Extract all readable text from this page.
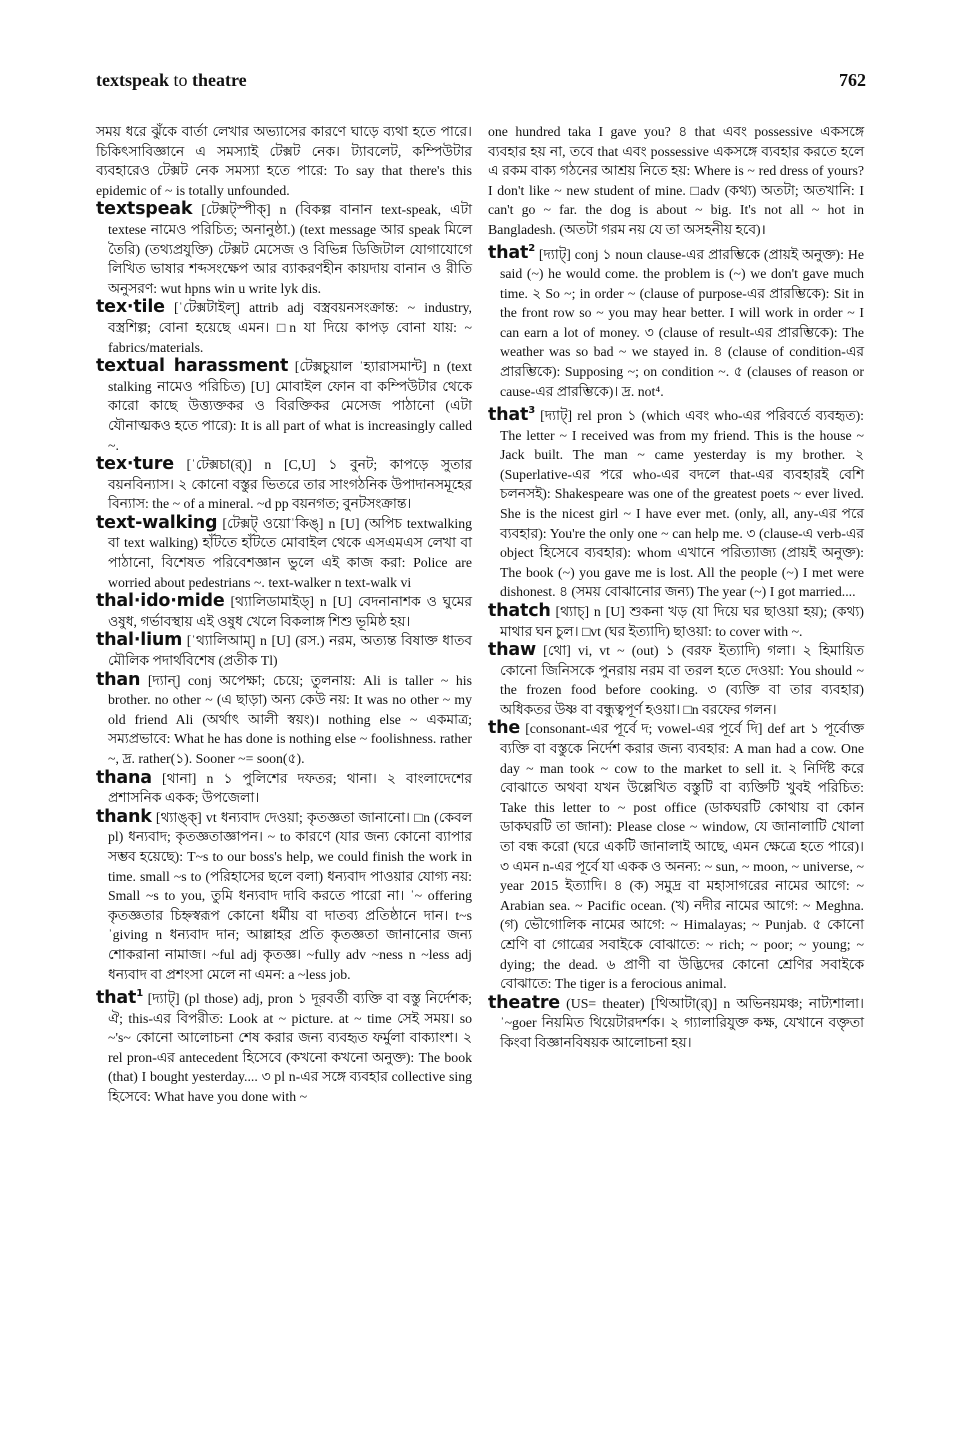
textspeak to theatre	762

সময় ধরে ঝুঁকে বার্তা লেখার অভ্যাসের কারণে ঘাড়ে ব্যথা হতে পারে। চিকিৎসাবিজ্ঞানে এ সমস্যাই টেক্সট নেক। ট্যাবলেট, কম্পিউটার ব্যবহারেও টেক্সট নেক সমস্যা হতে পারে: To say that there's this epidemic of ~ is totally unfounded.

textspeak [টেক্সট্‌স্পীক্] n (বিকল্প বানান text-speak, এটা textese নামেও পরিচিত; অনানুষ্ঠা.) (text message আর speak মিলে তৈরি) (তথ্যপ্রযুক্তি) টেক্সট মেসেজ ও বিভিন্ন ডিজিটাল যোগাযোগে লিখিত ভাষার শব্দসংক্ষেপ আর ব্যাকরণহীন কায়দায় বানান ও রীতি অনুসরণ: wut hpns win u write lyk dis.

tex·tile [ˈটেক্সটাইল্] attrib adj বস্ত্রবয়নসংক্রান্ত: ~ industry, বস্ত্রশিল্প; বোনা হয়েছে এমন। □n যা দিয়ে কাপড় বোনা যায়: ~ fabrics/materials.

textual harassment [টেক্সচুয়াল ˈহ্যারাসমান্ট] n (text stalking নামেও পরিচিত) [U] মোবাইল ফোন বা কম্পিউটার থেকে কারো কাছে উত্ত্যক্তকর ও বিরক্তিকর মেসেজ পাঠানো (এটা যৌনাত্মকও হতে পারে): It is all part of what is increasingly called ~.

tex·ture [ˈটেক্সচা(র্)] n [C,U] ১ বুনট; কাপড়ে সুতার বয়নবিন্যাস। ২ কোনো বস্তুর ভিতরে তার সাংগঠনিক উপাদানসমূহের বিন্যাস: the ~ of a mineral. ~d pp বয়নগত; বুনটসংক্রান্ত।

text-walking [টেক্সট্ ওয়োˈকিঙ্] n [U] (অপিচ textwalking বা text walking) হাঁটতে হাঁটতে মোবাইল থেকে এসএমএস লেখা বা পাঠানো, বিশেষত পরিবেশজ্ঞান ভুলে এই কাজ করা: Police are worried about pedestrians ~. text-walker n text-walk vi

thal·ido·mide [থ্যালিডামাইড্] n [U] বেদনানাশক ও ঘুমের ওষুধ, গর্ভাবস্থায় এই ওষুধ খেলে বিকলাঙ্গ শিশু ভূমিষ্ঠ হয়।

thal·lium [ˈথ্যালিআম্] n [U] (রস.) নরম, অত্যন্ত বিষাক্ত ধাতব মৌলিক পদার্থবিশেষ (প্রতীক Tl)

than [দ্যান্] conj অপেক্ষা; চেয়ে; তুলনায়: Ali is taller ~ his brother. no other ~ (এ ছাড়া) অন্য কেউ নয়: It was no other ~ my old friend Ali (অর্থাৎ আলী স্বয়ং)। nothing else ~ একমাত্র; সম্যপ্রভাবে: What he has done is nothing else ~ foolishness. rather ~, দ্র. rather(১). Sooner ~= soon(৫).

thana [থানা] n ১ পুলিশের দফতর; থানা। ২ বাংলাদেশের প্রশাসনিক একক; উপজেলা।

thank [থ্যাঙ্ক্] vt ধন্যবাদ দেওয়া; কৃতজ্ঞতা জানানো। □n (কেবল pl) ধন্যবাদ; কৃতজ্ঞতাজ্ঞাপন। ~ to কারণে (যার জন্য কোনো ব্যাপার সম্ভব হয়েছে): T~s to our boss's help, we could finish the work in time. small ~s to (পরিহাসের ছলে বলা) ধন্যবাদ পাওয়ার যোগ্য নয়: Small ~s to you, তুমি ধন্যবাদ দাবি করতে পারো না। ˈ~ offering কৃতজ্ঞতার চিহ্নস্বরূপ কোনো ধর্মীয় বা দাতব্য প্রতিষ্ঠানে দান। t~s ˈgiving n ধন্যবাদ দান; আল্লাহর প্রতি কৃতজ্ঞতা জানানোর জন্য শোকরানা নামাজ। ~ful adj কৃতজ্ঞ। ~fully adv ~ness n ~less adj ধন্যবাদ বা প্রশংসা মেলে না এমন: a ~less job.

that$^1$ [দ্যাট্] (pl those) adj, pron ১ দূরবর্তী ব্যক্তি বা বস্তু নির্দেশক; ঐ; this-এর বিপরীত: Look at ~ picture. at ~ time সেই সময়। so ~'s~ কোনো আলোচনা শেষ করার জন্য ব্যবহৃত ফর্মুলা বাক্যাংশ। ২ rel pron-এর antecedent হিসেবে (কখনো কখনো অনুক্ত): The book (that) I bought yesterday.... ৩ pl n-এর সঙ্গে ব্যবহার collective sing হিসেবে: What have you done with ~

one hundred taka I gave you? ৪ that এবং possessive একসঙ্গে ব্যবহার হয় না, তবে that এবং possessive একসঙ্গে ব্যবহার করতে হলে এ রকম বাক্য গঠনের আশ্রয় নিতে হয়: Where is ~ red dress of yours? I don't like ~ new student of mine. □adv (কথ্য) অতটা; অতখানি: I can't go ~ far. the dog is about ~ big. It's not all ~ hot in Bangladesh. (অতটা গরম নয় যে তা অসহনীয় হবে)।

that$^2$ [দ্যাট্] conj ১ noun clause-এর প্রারম্ভিকে (প্রায়ই অনুক্ত): He said (~) he would come. the problem is (~) we don't gave much time. ২ So ~; in order ~ (clause of purpose-এর প্রারম্ভিকে): Sit in the front row so ~ you may hear better. I will work in order ~ I can earn a lot of money. ৩ (clause of result-এর প্রারম্ভিকে): The weather was so bad ~ we stayed in. ৪ (clause of condition-এর প্রারম্ভিকে): Supposing ~; on condition ~. ৫ (clauses of reason or cause-এর প্রারম্ভিকে)। দ্র. not⁴.

that$^3$ [দ্যাট্] rel pron ১ (which এবং who-এর পরিবর্তে ব্যবহৃত): The letter ~ I received was from my friend. This is the house ~ Jack built. The man ~ came yesterday is my brother. ২ (Superlative-এর পরে who-এর বদলে that-এর ব্যবহারই বেশি চলনসই): Shakespeare was one of the greatest poets ~ ever lived. She is the nicest girl ~ I have ever met. (only, all, any-এর পরে ব্যবহার): You're the only one ~ can help me. ৩ (clause-এ verb-এর object হিসেবে ব্যবহার): whom এখানে পরিত্যাজ্য (প্রায়ই অনুক্ত): The book (~) you gave me is lost. All the people (~) I met were dishonest. ৪ (সময় বোঝানোর জন্য) The year (~) I got married....

thatch [থ্যাচ্] n [U] শুকনা খড় (যা দিয়ে ঘর ছাওয়া হয়); (কথ্য) মাথার ঘন চুল। □vt (ঘর ইত্যাদি) ছাওয়া: to cover with ~.

thaw [থো] vi, vt ~ (out) ১ (বরফ ইত্যাদি) গলা। ২ হিমায়িত কোনো জিনিসকে পুনরায় নরম বা তরল হতে দেওয়া: You should ~ the frozen food before cooking. ৩ (ব্যক্তি বা তার ব্যবহার) অধিকতর উষ্ণ বা বন্ধুত্বপূর্ণ হওয়া। □n বরফের গলন।

the [consonant-এর পূর্বে দ; vowel-এর পূর্বে দি] def art ১ পূর্বোক্ত ব্যক্তি বা বস্তুকে নির্দেশ করার জন্য ব্যবহার: A man had a cow. One day ~ man took ~ cow to the market to sell it. ২ নির্দিষ্ট করে বোঝাতে অথবা যখন উল্লেখিত বস্তুটি বা ব্যক্তিটি খুবই পরিচিত: Take this letter to ~ post office (ডাকঘরটি কোথায় বা কোন ডাকঘরটি তা জানা): Please close ~ window, যে জানালাটি খোলা তা বন্ধ করো (ঘরে একটি জানালাই আছে, এমন ক্ষেত্রে হতে পারে)। ৩ এমন n-এর পূর্বে যা একক ও অনন্য: ~ sun, ~ moon, ~ universe, ~ year 2015 ইত্যাদি। ৪ (ক) সমুদ্র বা মহাসাগরের নামের আগে: ~ Arabian sea. ~ Pacific ocean. (খ) নদীর নামের আগে: ~ Meghna. (গ) ভৌগোলিক নামের আগে: ~ Himalayas; ~ Punjab. ৫ কোনো শ্রেণি বা গোত্রের সবাইকে বোঝাতে: ~ rich; ~ poor; ~ young; ~ dying; the dead. ৬ প্রাণী বা উদ্ভিদের কোনো শ্রেণির সবাইকে বোঝাতে: The tiger is a ferocious animal.

theatre (US= theater) [থিআটা(র্)] n অভিনয়মঞ্চ; নাট্যশালা। ˈ~goer নিয়মিত থিয়েটারদর্শক। ২ গ্যালারিযুক্ত কক্ষ, যেখানে বক্তৃতা কিংবা বিজ্ঞানবিষয়ক আলোচনা হয়।
